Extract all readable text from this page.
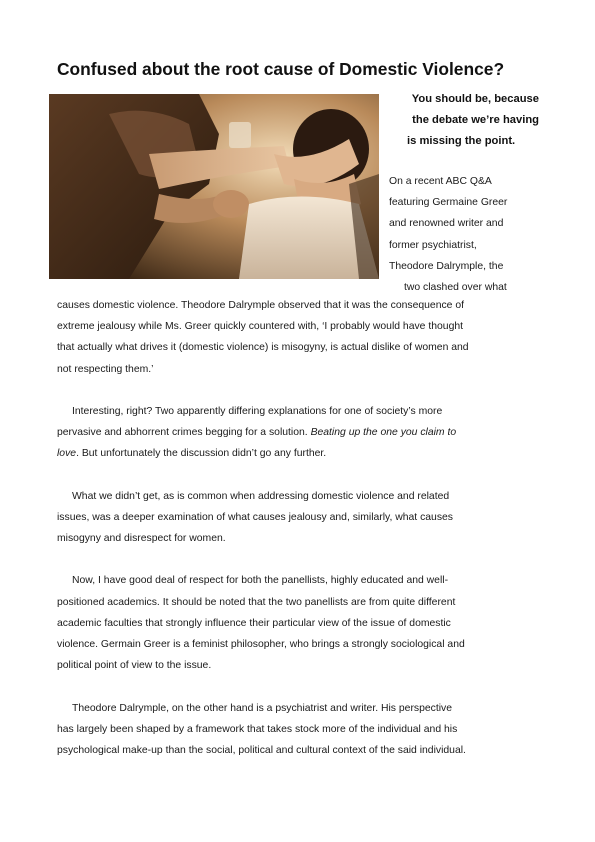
Confused about the root cause of Domestic Violence?
You should be, because
the debate we’re having
is missing the point.
On a recent ABC Q&A
featuring Germaine Greer
and renowned writer and
former psychiatrist,
Theodore Dalrymple, the
two clashed over what
causes domestic violence. Theodore Dalrymple observed that it was the consequence of
extreme jealousy while Ms. Greer quickly countered with, ‘I probably would have thought
that actually what drives it (domestic violence) is misogyny, is actual dislike of women and
not respecting them.’
Interesting, right? Two apparently differing explanations for one of society’s more
pervasive and abhorrent crimes begging for a solution. Beating up the one you claim to
love. But unfortunately the discussion didn’t go any further.
What we didn’t get, as is common when addressing domestic violence and related
issues, was a deeper examination of what causes jealousy and, similarly, what causes
misogyny and disrespect for women.
Now, I have good deal of respect for both the panellists, highly educated and well-
positioned academics. It should be noted that the two panellists are from quite different
academic faculties that strongly influence their particular view of the issue of domestic
violence. Germain Greer is a feminist philosopher, who brings a strongly sociological and
political point of view to the issue.
Theodore Dalrymple, on the other hand is a psychiatrist and writer. His perspective
has largely been shaped by a framework that takes stock more of the individual and his
psychological make-up than the social, political and cultural context of the said individual.
